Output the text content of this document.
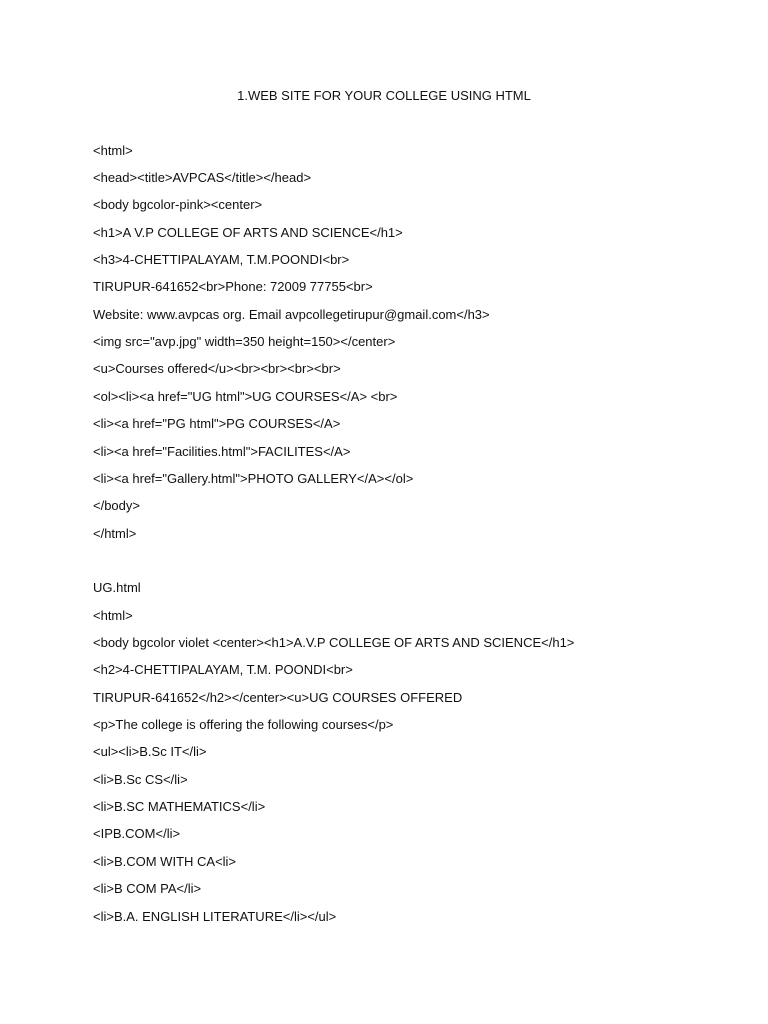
1.WEB SITE FOR YOUR COLLEGE USING HTML
<html>
<head><title>AVPCAS</title></head>
<body bgcolor-pink><center>
<h1>A V.P COLLEGE OF ARTS AND SCIENCE</h1>
<h3>4-CHETTIPALAYAM, T.M.POONDI<br>
TIRUPUR-641652<br>Phone: 72009 77755<br>
Website: www.avpcas org. Email avpcollegetirupur@gmail.com</h3>
<img src="avp.jpg" width=350 height=150></center>
<u>Courses offered</u><br><br><br><br>
<ol><li><a href="UG html">UG COURSES</A> <br>
<li><a href="PG html">PG COURSES</A>
<li><a href="Facilities.html">FACILITES</A>
<li><a href="Gallery.html">PHOTO GALLERY</A></ol>
</body>
</html>
UG.html
<html>
<body bgcolor violet <center><h1>A.V.P COLLEGE OF ARTS AND SCIENCE</h1>
<h2>4-CHETTIPALAYAM, T.M. POONDI<br>
TIRUPUR-641652</h2></center><u>UG COURSES OFFERED
<p>The college is offering the following courses</p>
<ul><li>B.Sc IT</li>
<li>B.Sc CS</li>
<li>B.SC MATHEMATICS</li>
<IPB.COM</li>
<li>B.COM WITH CA<li>
<li>B COM PA</li>
<li>B.A. ENGLISH LITERATURE</li></ul>
